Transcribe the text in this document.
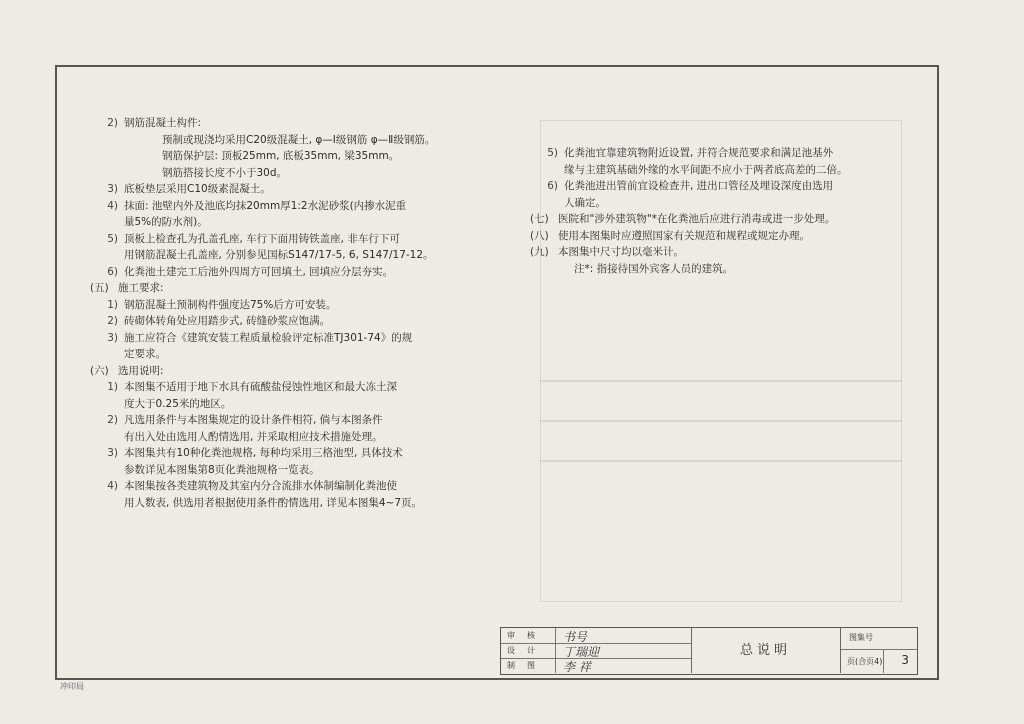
2) 钢筋混凝土构件:
预制或现浇均采用C20级混凝土, φ—Ⅰ级钢筋 φ—Ⅱ级钢筋。
钢筋保护层: 顶板25mm, 底板35mm, 梁35mm。
钢筋搭接长度不小于30d。
3) 底板垫层采用C10级素混凝土。
4) 抹面: 池壁内外及池底均抹20mm厚1:2水泥砂浆(内掺水泥重
量5%的防水剂)。
5) 顶板上检查孔为孔盖孔座, 车行下面用铸铁盖座, 非车行下可
用钢筋混凝土孔盖座, 分别参见国标S147/17-5, 6, S147/17-12。
6) 化粪池土建完工后池外四周方可回填土, 回填应分层夯实。
(五) 施工要求:
1) 钢筋混凝土预制构件强度达75%后方可安装。
2) 砖砌体转角处应用踏步式, 砖缝砂浆应饱满。
3) 施工应符合《建筑安装工程质量检验评定标准TJ301-74》的规
定要求。
(六) 选用说明:
1) 本图集不适用于地下水具有硫酸盐侵蚀性地区和最大冻土深
度大于0.25米的地区。
2) 凡选用条件与本图集规定的设计条件相符, 倘与本图条件
有出入处由选用人酌情选用, 并采取相应技术措施处理。
3) 本图集共有10种化粪池规格, 每种均采用三格池型, 具体技术
参数详见本图集第8页化粪池规格一览表。
4) 本图集按各类建筑物及其室内分合流排水体制编制化粪池使
用人数表, 供选用者根据使用条件酌情选用, 详见本图集4~7页。
5) 化粪池宜靠建筑物附近设置, 并符合规范要求和满足池基外
缘与主建筑基础外缘的水平间距不应小于两者底高差的二倍。
6) 化粪池进出管前宜设检查井, 进出口管径及埋设深度由选用
人确定。
(七) 医院和"涉外建筑物"*在化粪池后应进行消毒或进一步处理。
(八) 使用本图集时应遵照国家有关规范和规程或规定办理。
(九) 本图集中尺寸均以毫米计。
注*: 指接待国外宾客人员的建筑。
审核 书号
设计 丁瑞迎
制图 李 祥
总说明
图集号
页(合页4) 3
冲印局
